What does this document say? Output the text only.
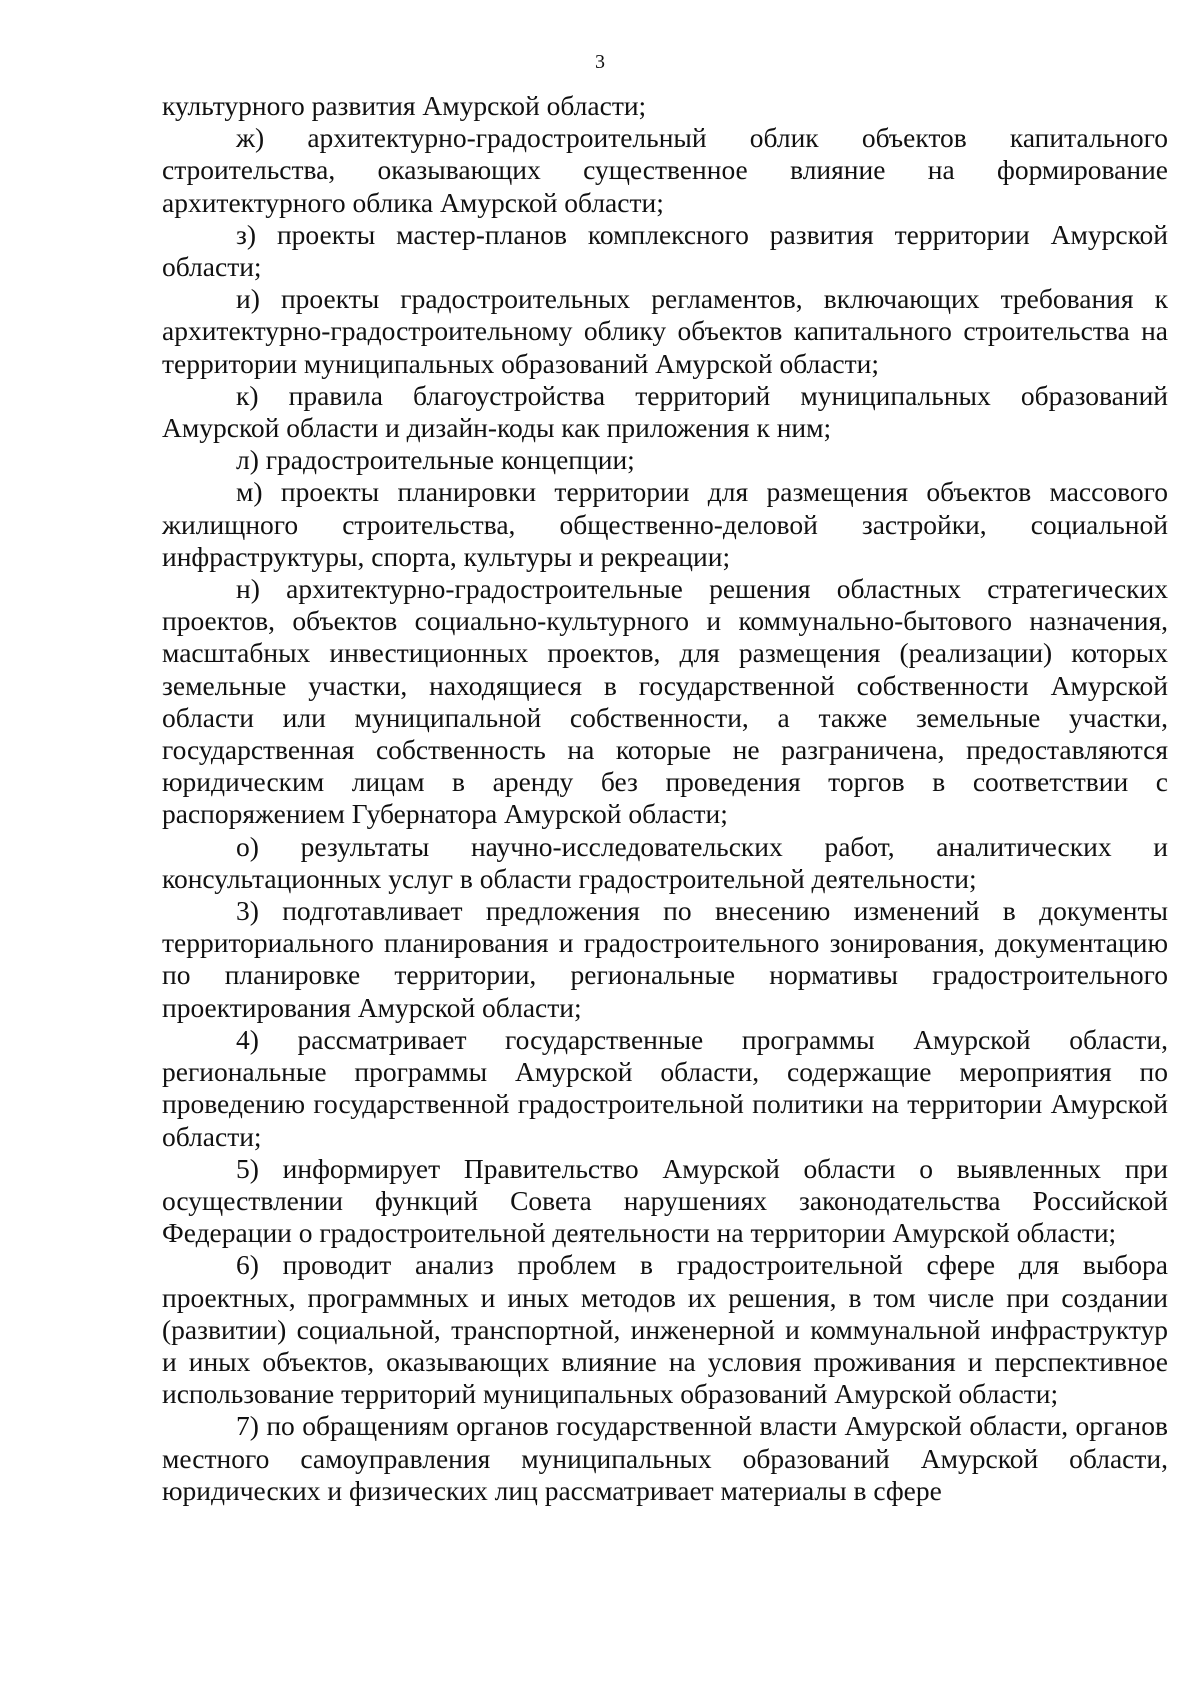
3

культурного развития Амурской области;

ж) архитектурно-градостроительный облик объектов капитального строительства, оказывающих существенное влияние на формирование архитектурного облика Амурской области;

з) проекты мастер-планов комплексного развития территории Амурской области;

и) проекты градостроительных регламентов, включающих требования к архитектурно-градостроительному облику объектов капитального строительства на территории муниципальных образований Амурской области;

к) правила благоустройства территорий муниципальных образований Амурской области и дизайн-коды как приложения к ним;

л) градостроительные концепции;

м) проекты планировки территории для размещения объектов массового жилищного строительства, общественно-деловой застройки, социальной инфраструктуры, спорта, культуры и рекреации;

н) архитектурно-градостроительные решения областных стратегических проектов, объектов социально-культурного и коммунально-бытового назначения, масштабных инвестиционных проектов, для размещения (реализации) которых земельные участки, находящиеся в государственной собственности Амурской области или муниципальной собственности, а также земельные участки, государственная собственность на которые не разграничена, предоставляются юридическим лицам в аренду без проведения торгов в соответствии с распоряжением Губернатора Амурской области;

о) результаты научно-исследовательских работ, аналитических и консультационных услуг в области градостроительной деятельности;

3) подготавливает предложения по внесению изменений в документы территориального планирования и градостроительного зонирования, документацию по планировке территории, региональные нормативы градостроительного проектирования Амурской области;

4) рассматривает государственные программы Амурской области, региональные программы Амурской области, содержащие мероприятия по проведению государственной градостроительной политики на территории Амурской области;

5) информирует Правительство Амурской области о выявленных при осуществлении функций Совета нарушениях законодательства Российской Федерации о градостроительной деятельности на территории Амурской области;

6) проводит анализ проблем в градостроительной сфере для выбора проектных, программных и иных методов их решения, в том числе при создании (развитии) социальной, транспортной, инженерной и коммунальной инфраструктур и иных объектов, оказывающих влияние на условия проживания и перспективное использование территорий муниципальных образований Амурской области;

7) по обращениям органов государственной власти Амурской области, органов местного самоуправления муниципальных образований Амурской области, юридических и физических лиц рассматривает материалы в сфере
